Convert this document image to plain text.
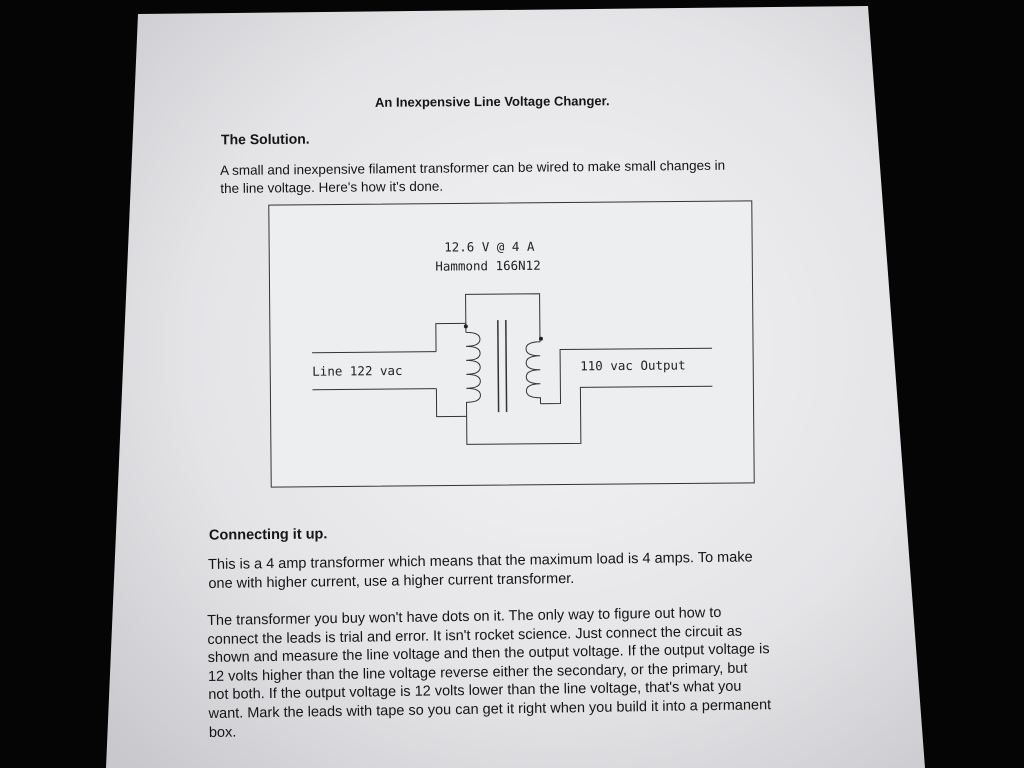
An Inexpensive Line Voltage Changer.
The Solution.
A small and inexpensive filament transformer can be wired to make small changes in
the line voltage. Here's how it's done.
12.6 V @ 4 A
Hammond 166N12
Line 122 vac	110 vac Output
Connecting it up.
This is a 4 amp transformer which means that the maximum load is 4 amps. To make
one with higher current, use a higher current transformer.
The transformer you buy won't have dots on it. The only way to figure out how to
connect the leads is trial and error. It isn't rocket science. Just connect the circuit as
shown and measure the line voltage and then the output voltage. If the output voltage is
12 volts higher than the line voltage reverse either the secondary, or the primary, but
not both. If the output voltage is 12 volts lower than the line voltage, that's what you
want. Mark the leads with tape so you can get it right when you build it into a permanent
box.
